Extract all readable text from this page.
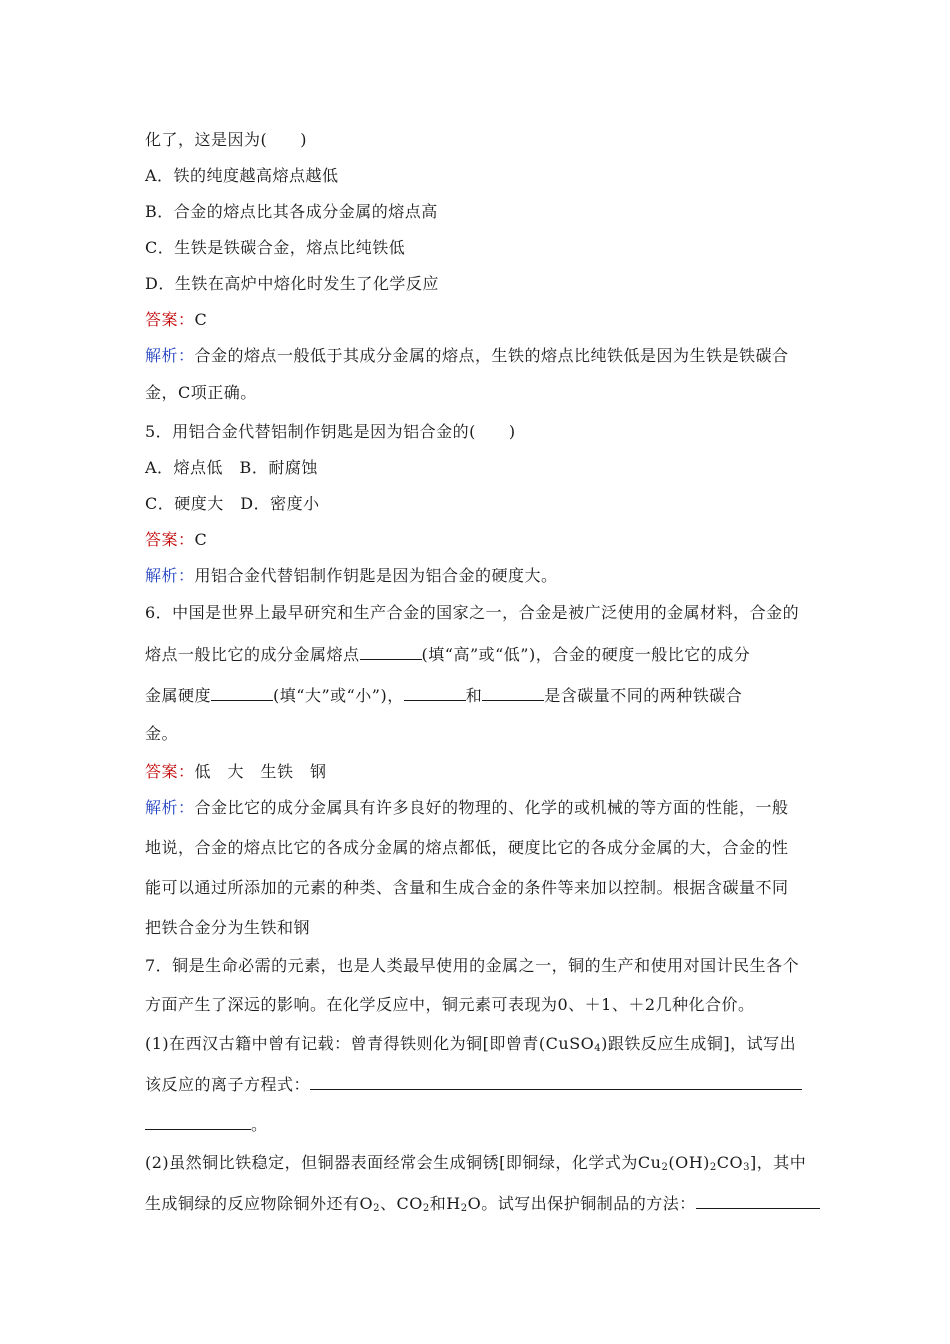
化了，这是因为(　　)
A．铁的纯度越高熔点越低
B．合金的熔点比其各成分金属的熔点高
C．生铁是铁碳合金，熔点比纯铁低
D．生铁在高炉中熔化时发生了化学反应
答案：C
解析：合金的熔点一般低于其成分金属的熔点，生铁的熔点比纯铁低是因为生铁是铁碳合
金，C项正确。
5．用铝合金代替铝制作钥匙是因为铝合金的(　　)
A．熔点低　B．耐腐蚀
C．硬度大　D．密度小
答案：C
解析：用铝合金代替铝制作钥匙是因为铝合金的硬度大。
6．中国是世界上最早研究和生产合金的国家之一，合金是被广泛使用的金属材料，合金的
熔点一般比它的成分金属熔点	(填“高”或“低”)，合金的硬度一般比它的成分
金属硬度	(填“大”或“小”)，	和	是含碳量不同的两种铁碳合
金。
答案：低　大　生铁　钢
解析：合金比它的成分金属具有许多良好的物理的、化学的或机械的等方面的性能，一般
地说，合金的熔点比它的各成分金属的熔点都低，硬度比它的各成分金属的大，合金的性
能可以通过所添加的元素的种类、含量和生成合金的条件等来加以控制。根据含碳量不同
把铁合金分为生铁和钢
7．铜是生命必需的元素，也是人类最早使用的金属之一，铜的生产和使用对国计民生各个
方面产生了深远的影响。在化学反应中，铜元素可表现为0、＋1、＋2几种化合价。
(1)在西汉古籍中曾有记载：曾青得铁则化为铜[即曾青(CuSO$_4$)跟铁反应生成铜]，试写出
该反应的离子方程式：
。
(2)虽然铜比铁稳定，但铜器表面经常会生成铜锈[即铜绿，化学式为$Cu_2(OH)_2CO_3$]，其中
生成铜绿的反应物除铜外还有$O_2$、$CO_2$和$H_2O$。试写出保护铜制品的方法：
